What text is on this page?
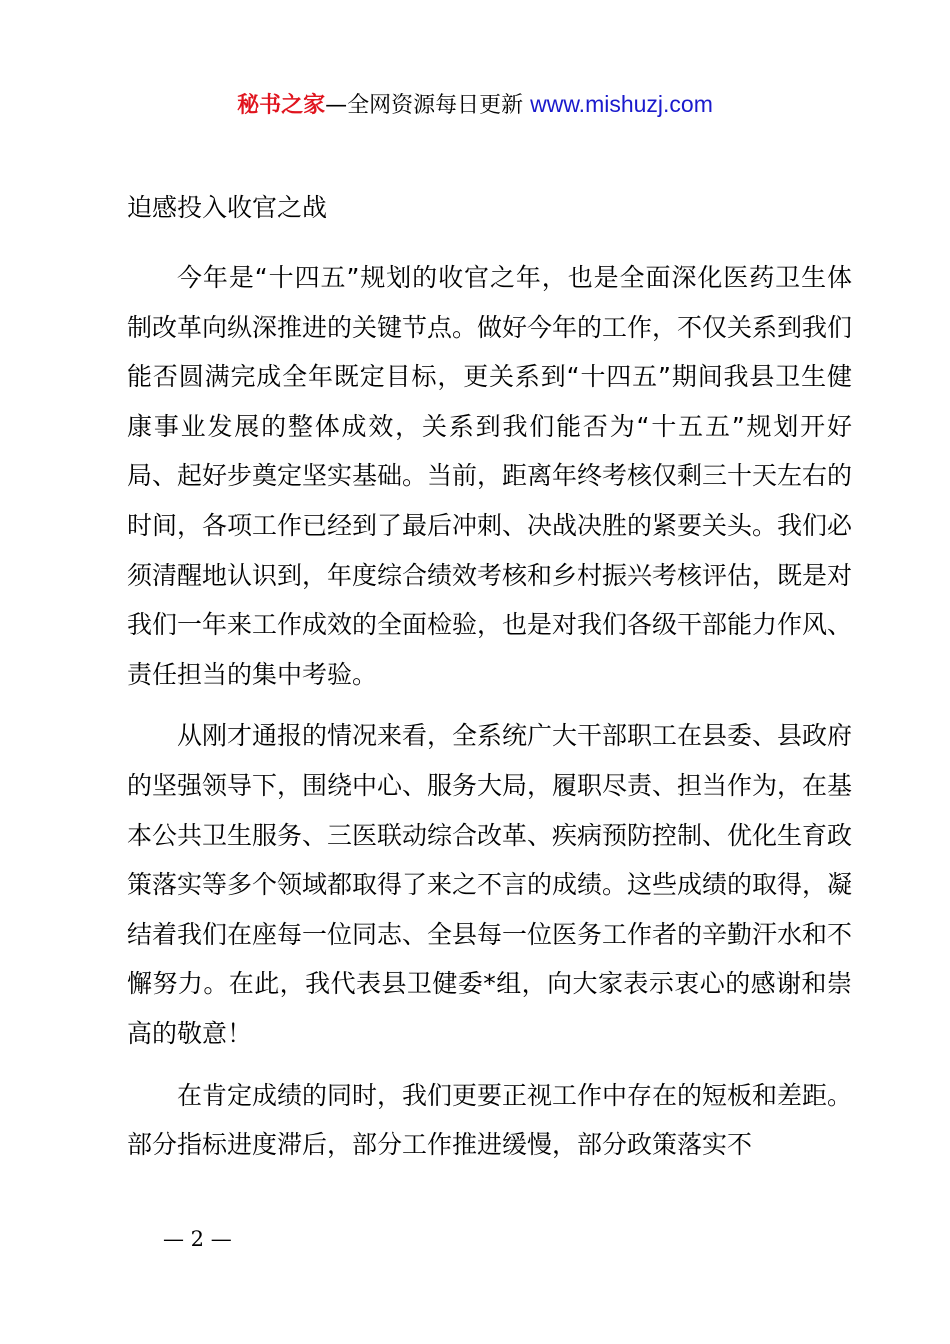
秘书之家—全网资源每日更新 www.mishuzj.com

迫感投入收官之战

今年是“十四五”规划的收官之年，也是全面深化医药卫生体制改革向纵深推进的关键节点。做好今年的工作，不仅关系到我们能否圆满完成全年既定目标，更关系到“十四五”期间我县卫生健康事业发展的整体成效，关系到我们能否为“十五五”规划开好局、起好步奠定坚实基础。当前，距离年终考核仅剩三十天左右的时间，各项工作已经到了最后冲刺、决战决胜的紧要关头。我们必须清醒地认识到，年度综合绩效考核和乡村振兴考核评估，既是对我们一年来工作成效的全面检验，也是对我们各级干部能力作风、责任担当的集中考验。

从刚才通报的情况来看，全系统广大干部职工在县委、县政府的坚强领导下，围绕中心、服务大局，履职尽责、担当作为，在基本公共卫生服务、三医联动综合改革、疾病预防控制、优化生育政策落实等多个领域都取得了来之不言的成绩。这些成绩的取得，凝结着我们在座每一位同志、全县每一位医务工作者的辛勤汗水和不懈努力。在此，我代表县卫健委*组，向大家表示衷心的感谢和崇高的敬意！

在肯定成绩的同时，我们更要正视工作中存在的短板和差距。部分指标进度滞后，部分工作推进缓慢，部分政策落实不

— 2 —
